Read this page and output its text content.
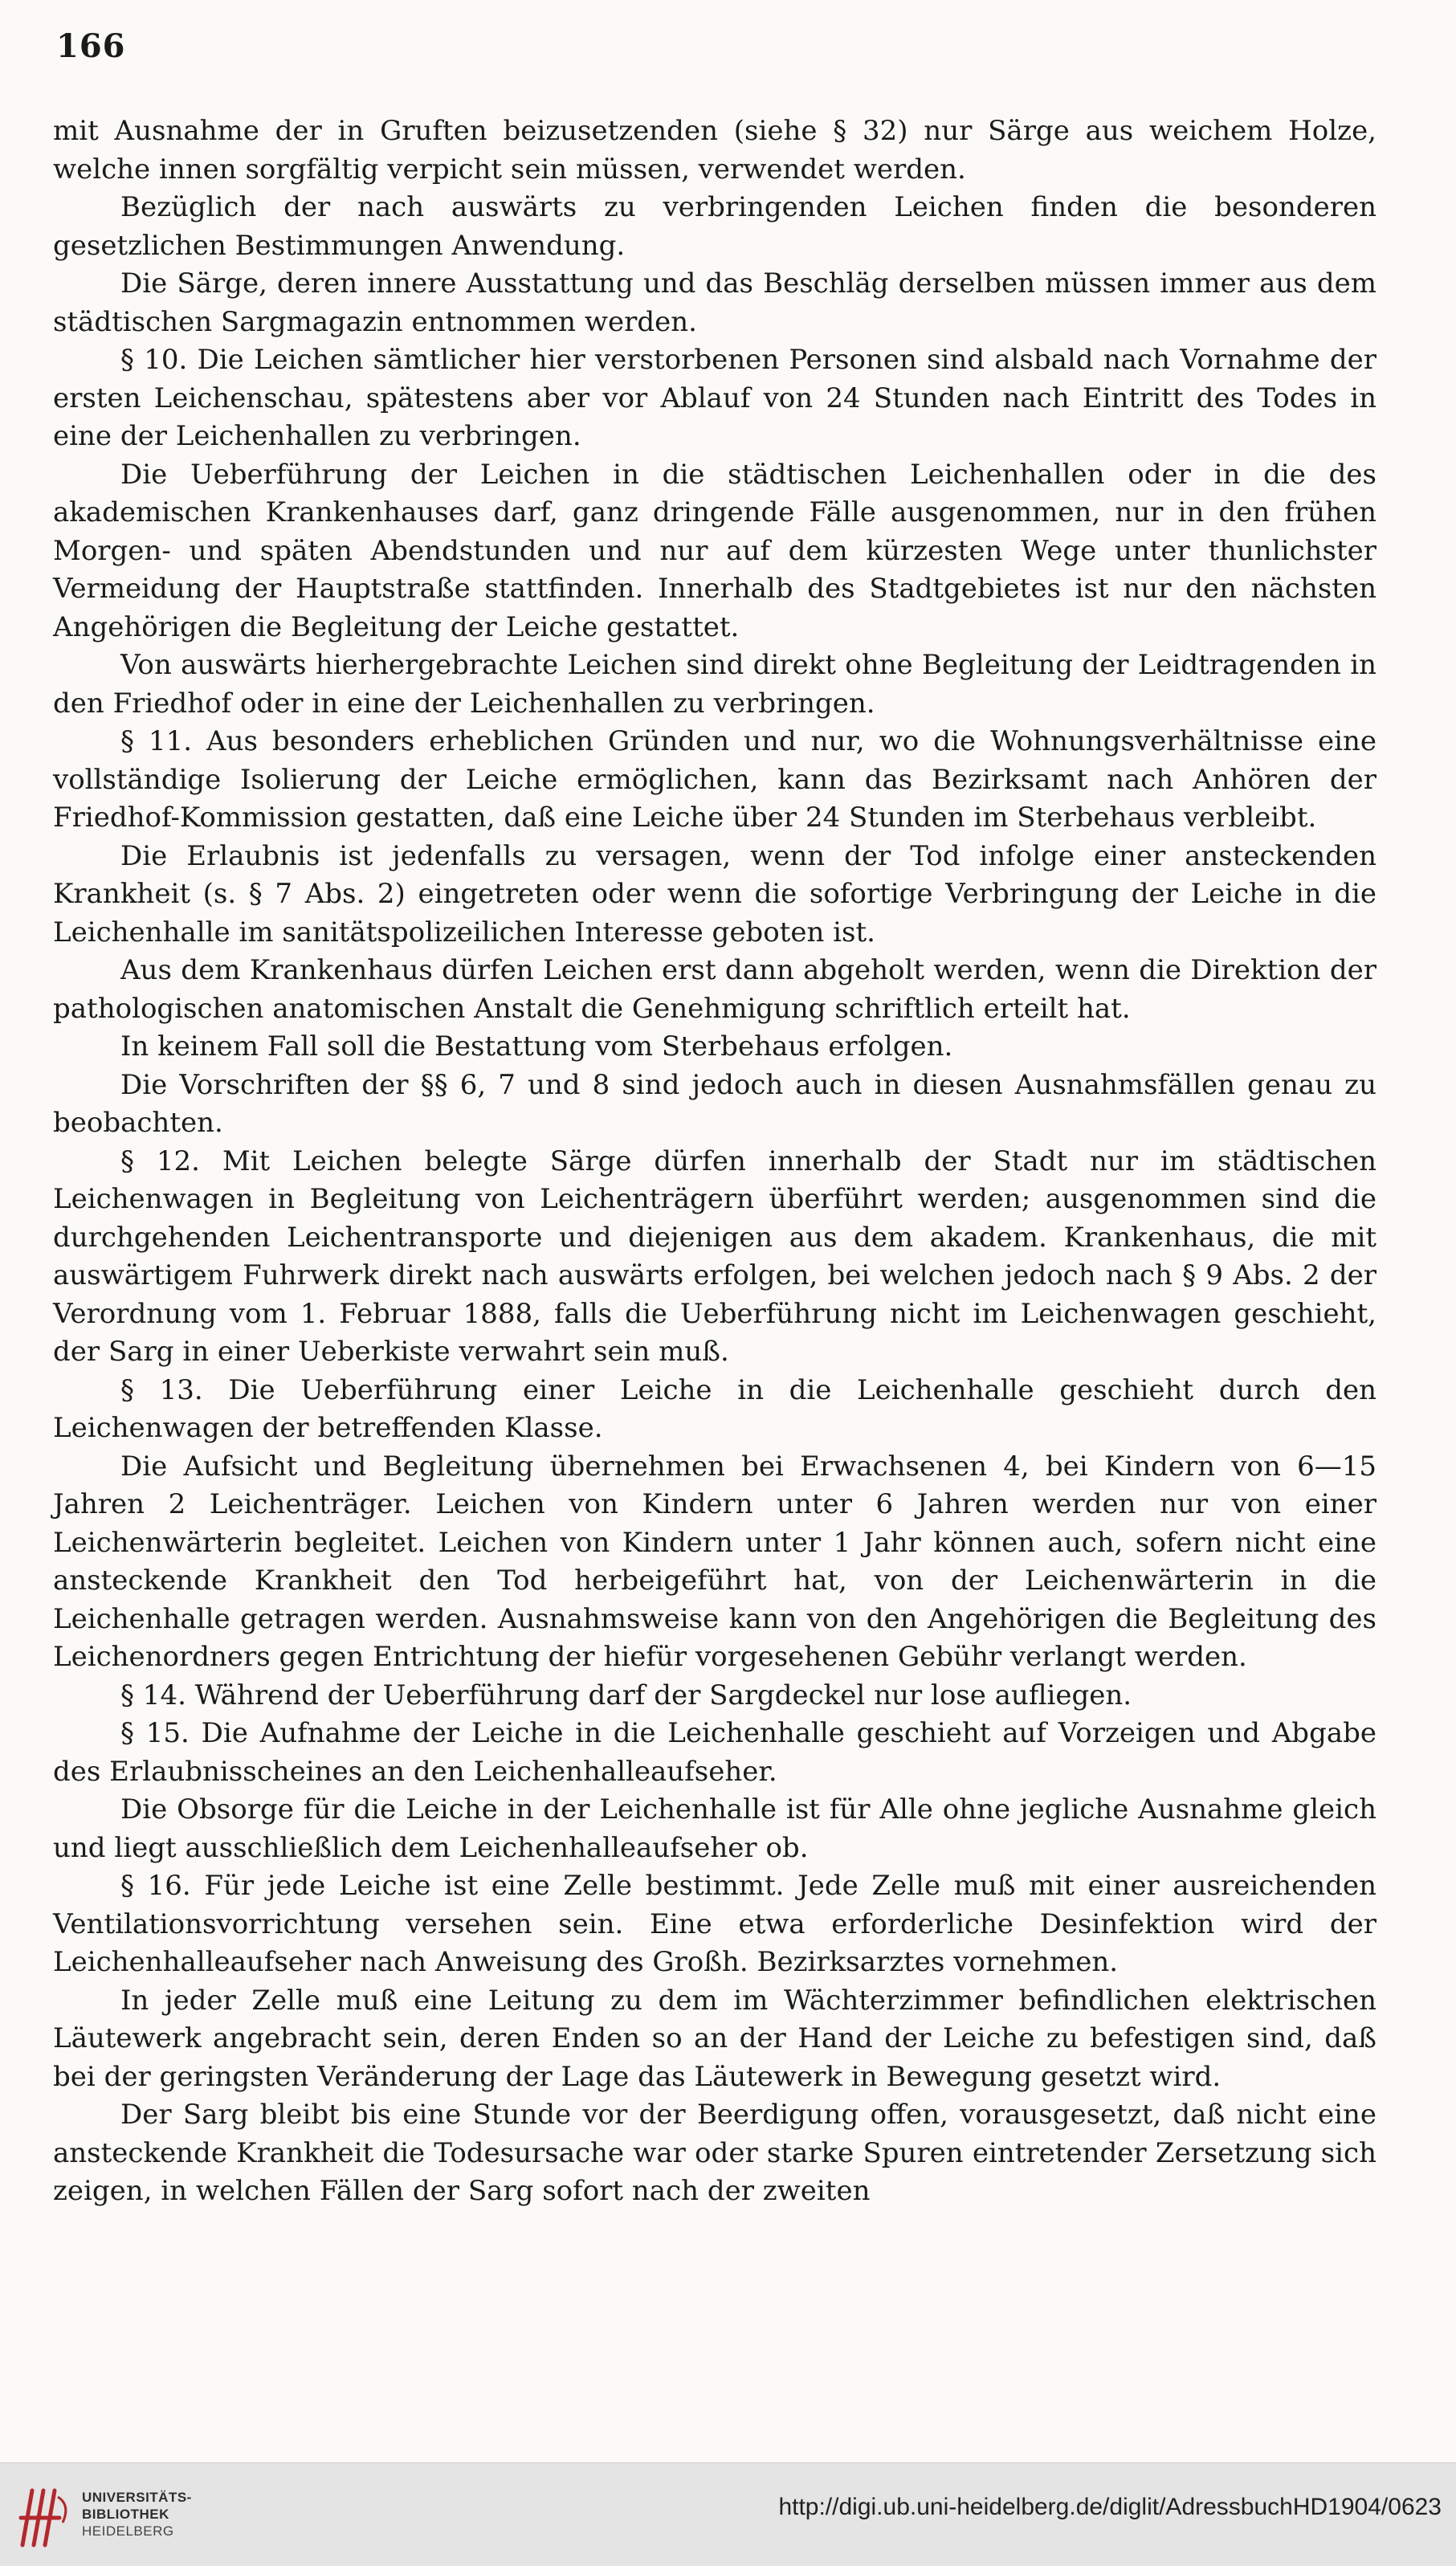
166

mit Ausnahme der in Gruften beizusetzenden (siehe § 32) nur Särge aus weichem Holze, welche innen sorgfältig verpicht sein müssen, verwendet werden.

Bezüglich der nach auswärts zu verbringenden Leichen finden die besonderen gesetzlichen Bestimmungen Anwendung.

Die Särge, deren innere Ausstattung und das Beschläg derselben müssen immer aus dem städtischen Sargmagazin entnommen werden.

§ 10. Die Leichen sämtlicher hier verstorbenen Personen sind alsbald nach Vornahme der ersten Leichenschau, spätestens aber vor Ablauf von 24 Stunden nach Eintritt des Todes in eine der Leichenhallen zu verbringen.

Die Ueberführung der Leichen in die städtischen Leichenhallen oder in die des akademischen Krankenhauses darf, ganz dringende Fälle ausgenommen, nur in den frühen Morgen- und späten Abendstunden und nur auf dem kürzesten Wege unter thunlichster Vermeidung der Hauptstraße stattfinden. Innerhalb des Stadtgebietes ist nur den nächsten Angehörigen die Begleitung der Leiche gestattet.

Von auswärts hierhergebrachte Leichen sind direkt ohne Begleitung der Leidtragenden in den Friedhof oder in eine der Leichenhallen zu verbringen.

§ 11. Aus besonders erheblichen Gründen und nur, wo die Wohnungsverhältnisse eine vollständige Isolierung der Leiche ermöglichen, kann das Bezirksamt nach Anhören der Friedhof-Kommission gestatten, daß eine Leiche über 24 Stunden im Sterbehaus verbleibt.

Die Erlaubnis ist jedenfalls zu versagen, wenn der Tod infolge einer ansteckenden Krankheit (s. § 7 Abs. 2) eingetreten oder wenn die sofortige Verbringung der Leiche in die Leichenhalle im sanitätspolizeilichen Interesse geboten ist.

Aus dem Krankenhaus dürfen Leichen erst dann abgeholt werden, wenn die Direktion der pathologischen anatomischen Anstalt die Genehmigung schriftlich erteilt hat.

In keinem Fall soll die Bestattung vom Sterbehaus erfolgen.

Die Vorschriften der §§ 6, 7 und 8 sind jedoch auch in diesen Ausnahmsfällen genau zu beobachten.

§ 12. Mit Leichen belegte Särge dürfen innerhalb der Stadt nur im städtischen Leichenwagen in Begleitung von Leichenträgern überführt werden; ausgenommen sind die durchgehenden Leichentransporte und diejenigen aus dem akadem. Krankenhaus, die mit auswärtigem Fuhrwerk direkt nach auswärts erfolgen, bei welchen jedoch nach § 9 Abs. 2 der Verordnung vom 1. Februar 1888, falls die Ueberführung nicht im Leichenwagen geschieht, der Sarg in einer Ueberkiste verwahrt sein muß.

§ 13. Die Ueberführung einer Leiche in die Leichenhalle geschieht durch den Leichenwagen der betreffenden Klasse.

Die Aufsicht und Begleitung übernehmen bei Erwachsenen 4, bei Kindern von 6—15 Jahren 2 Leichenträger. Leichen von Kindern unter 6 Jahren werden nur von einer Leichenwärterin begleitet. Leichen von Kindern unter 1 Jahr können auch, sofern nicht eine ansteckende Krankheit den Tod herbeigeführt hat, von der Leichenwärterin in die Leichenhalle getragen werden. Ausnahmsweise kann von den Angehörigen die Begleitung des Leichenordners gegen Entrichtung der hiefür vorgesehenen Gebühr verlangt werden.

§ 14. Während der Ueberführung darf der Sargdeckel nur lose aufliegen.

§ 15. Die Aufnahme der Leiche in die Leichenhalle geschieht auf Vorzeigen und Abgabe des Erlaubnisscheines an den Leichenhalleaufseher.

Die Obsorge für die Leiche in der Leichenhalle ist für Alle ohne jegliche Ausnahme gleich und liegt ausschließlich dem Leichenhalleaufseher ob.

§ 16. Für jede Leiche ist eine Zelle bestimmt. Jede Zelle muß mit einer ausreichenden Ventilationsvorrichtung versehen sein. Eine etwa erforderliche Desinfektion wird der Leichenhalleaufseher nach Anweisung des Großh. Bezirksarztes vornehmen.

In jeder Zelle muß eine Leitung zu dem im Wächterzimmer befindlichen elektrischen Läutewerk angebracht sein, deren Enden so an der Hand der Leiche zu befestigen sind, daß bei der geringsten Veränderung der Lage das Läutewerk in Bewegung gesetzt wird.

Der Sarg bleibt bis eine Stunde vor der Beerdigung offen, vorausgesetzt, daß nicht eine ansteckende Krankheit die Todesursache war oder starke Spuren eintretender Zersetzung sich zeigen, in welchen Fällen der Sarg sofort nach der zweiten

UNIVERSITÄTS-
BIBLIOTHEK
HEIDELBERG
http://digi.ub.uni-heidelberg.de/diglit/AdressbuchHD1904/0623
